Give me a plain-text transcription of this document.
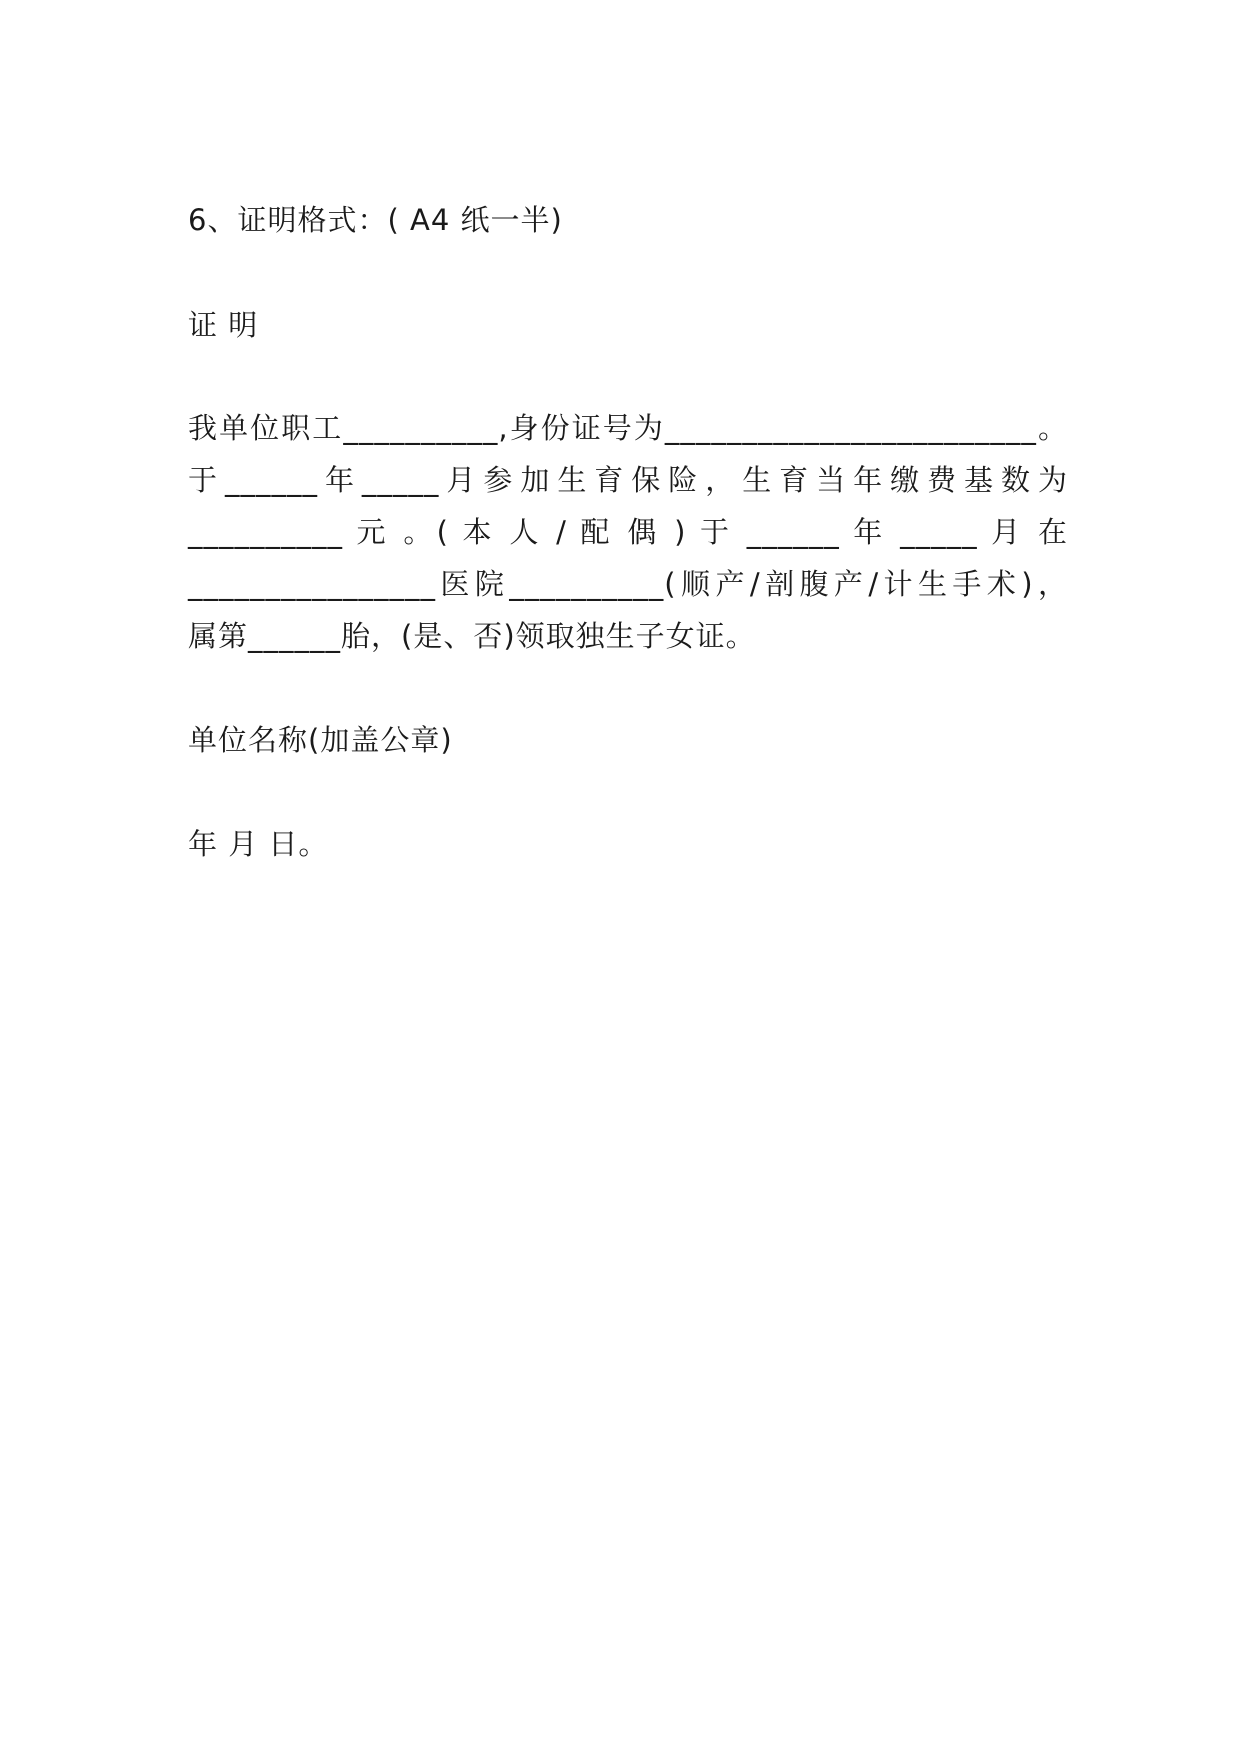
6、证明格式：( A4 纸一半)
证 明
我单位职工__________,身份证号为________________________。
于______年_____月参加生育保险，生育当年缴费基数为
__________ 元 。( 本 人 / 配 偶 ) 于 ______ 年 _____ 月 在
________________医院__________(顺产/剖腹产/计生手术)，
属第______胎，(是、否)领取独生子女证。
单位名称(加盖公章)
年 月 日。
